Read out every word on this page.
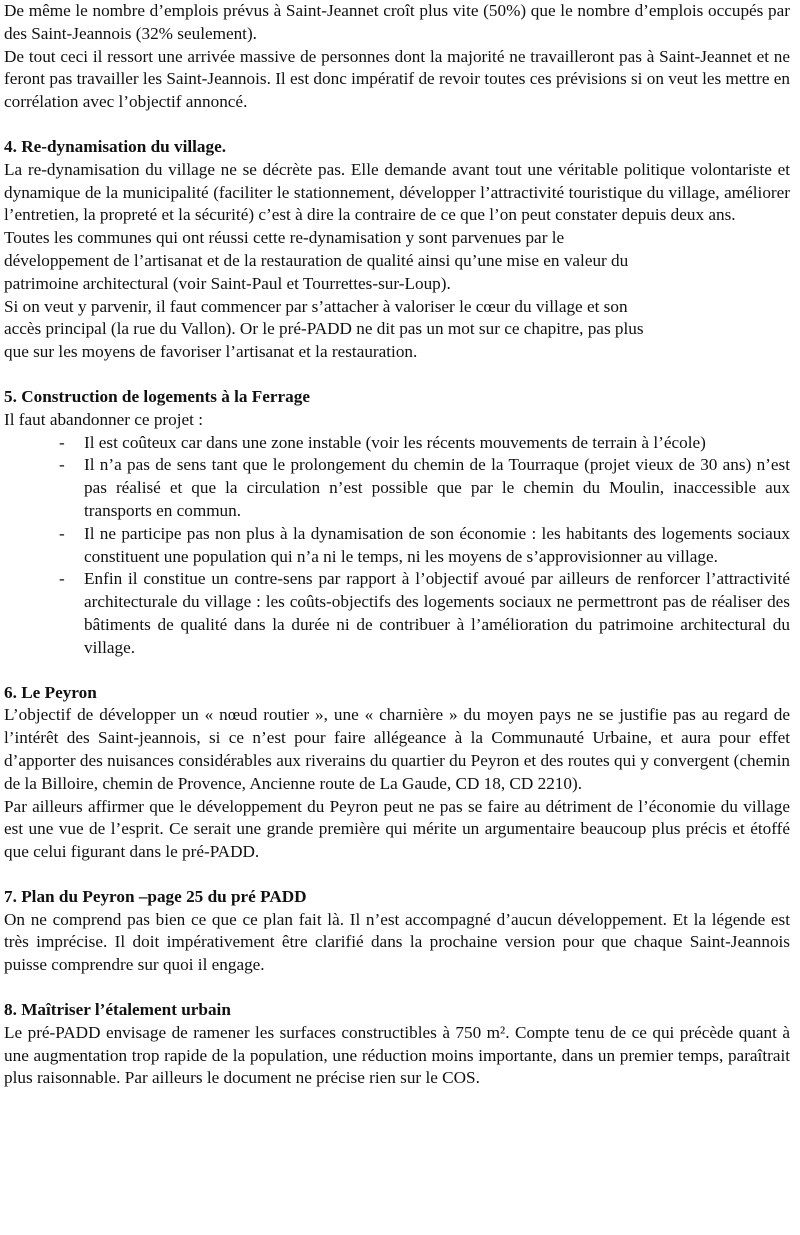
De même le nombre d’emplois prévus à Saint-Jeannet croît plus vite (50%) que le nombre d’emplois occupés par des Saint-Jeannois (32% seulement).
De tout ceci il ressort une arrivée massive de personnes dont la majorité ne travailleront pas à Saint-Jeannet et ne feront pas travailler les Saint-Jeannois. Il est donc impératif de revoir toutes ces prévisions si on veut les mettre en corrélation avec l’objectif annoncé.
4. Re-dynamisation du village.
La re-dynamisation du village ne se décrète pas. Elle demande avant tout une véritable politique volontariste et dynamique de la municipalité (faciliter le stationnement, développer l’attractivité touristique du village, améliorer l’entretien, la propreté et la sécurité) c’est à dire la contraire de ce que l’on peut constater depuis deux ans.
Toutes les communes qui ont réussi cette re-dynamisation y sont parvenues par le
développement de l’artisanat et de la restauration de qualité ainsi qu’une mise en valeur du
patrimoine architectural (voir Saint-Paul et Tourrettes-sur-Loup).
Si on veut y parvenir, il faut commencer par s’attacher à valoriser le cœur du village et son
accès principal (la rue du Vallon). Or le pré-PADD ne dit pas un mot sur ce chapitre, pas plus
que sur les moyens de favoriser l’artisanat et la restauration.
5. Construction de logements à la Ferrage
Il faut abandonner ce projet :
- Il est coûteux car dans une zone instable (voir les récents mouvements de terrain à l’école)
- Il n’a pas de sens tant que le prolongement du chemin de la Tourraque (projet vieux de 30 ans) n’est pas réalisé et que la circulation n’est possible que par le chemin du Moulin, inaccessible aux transports en commun.
- Il ne participe pas non plus à la dynamisation de son économie : les habitants des logements sociaux constituent une population qui n’a ni le temps, ni les moyens de s’approvisionner au village.
- Enfin il constitue un contre-sens par rapport à l’objectif avoué par ailleurs de renforcer l’attractivité architecturale du village : les coûts-objectifs des logements sociaux ne permettront pas de réaliser des bâtiments de qualité dans la durée ni de contribuer à l’amélioration du patrimoine architectural du village.
6. Le Peyron
L’objectif de développer un « nœud routier », une « charnière » du moyen pays ne se justifie pas au regard de l’intérêt des Saint-jeannois, si ce n’est pour faire allégeance à la Communauté Urbaine, et aura pour effet d’apporter des nuisances considérables aux riverains du quartier du Peyron et des routes qui y convergent (chemin de la Billoire, chemin de Provence, Ancienne route de La Gaude, CD 18, CD 2210).
Par ailleurs affirmer que le développement du Peyron peut ne pas se faire au détriment de l’économie du village est une vue de l’esprit. Ce serait une grande première qui mérite un argumentaire beaucoup plus précis et étoffé que celui figurant dans le pré-PADD.
7. Plan du Peyron –page 25 du pré PADD
On ne comprend pas bien ce que ce plan fait là. Il n’est accompagné d’aucun développement. Et la légende est très imprécise. Il doit impérativement être clarifié dans la prochaine version pour que chaque Saint-Jeannois puisse comprendre sur quoi il engage.
8. Maîtriser l’étalement urbain
Le pré-PADD envisage de ramener les surfaces constructibles à 750 m². Compte tenu de ce qui précède quant à une augmentation trop rapide de la population, une réduction moins importante, dans un premier temps, paraîtrait plus raisonnable. Par ailleurs le document ne précise rien sur le COS.
